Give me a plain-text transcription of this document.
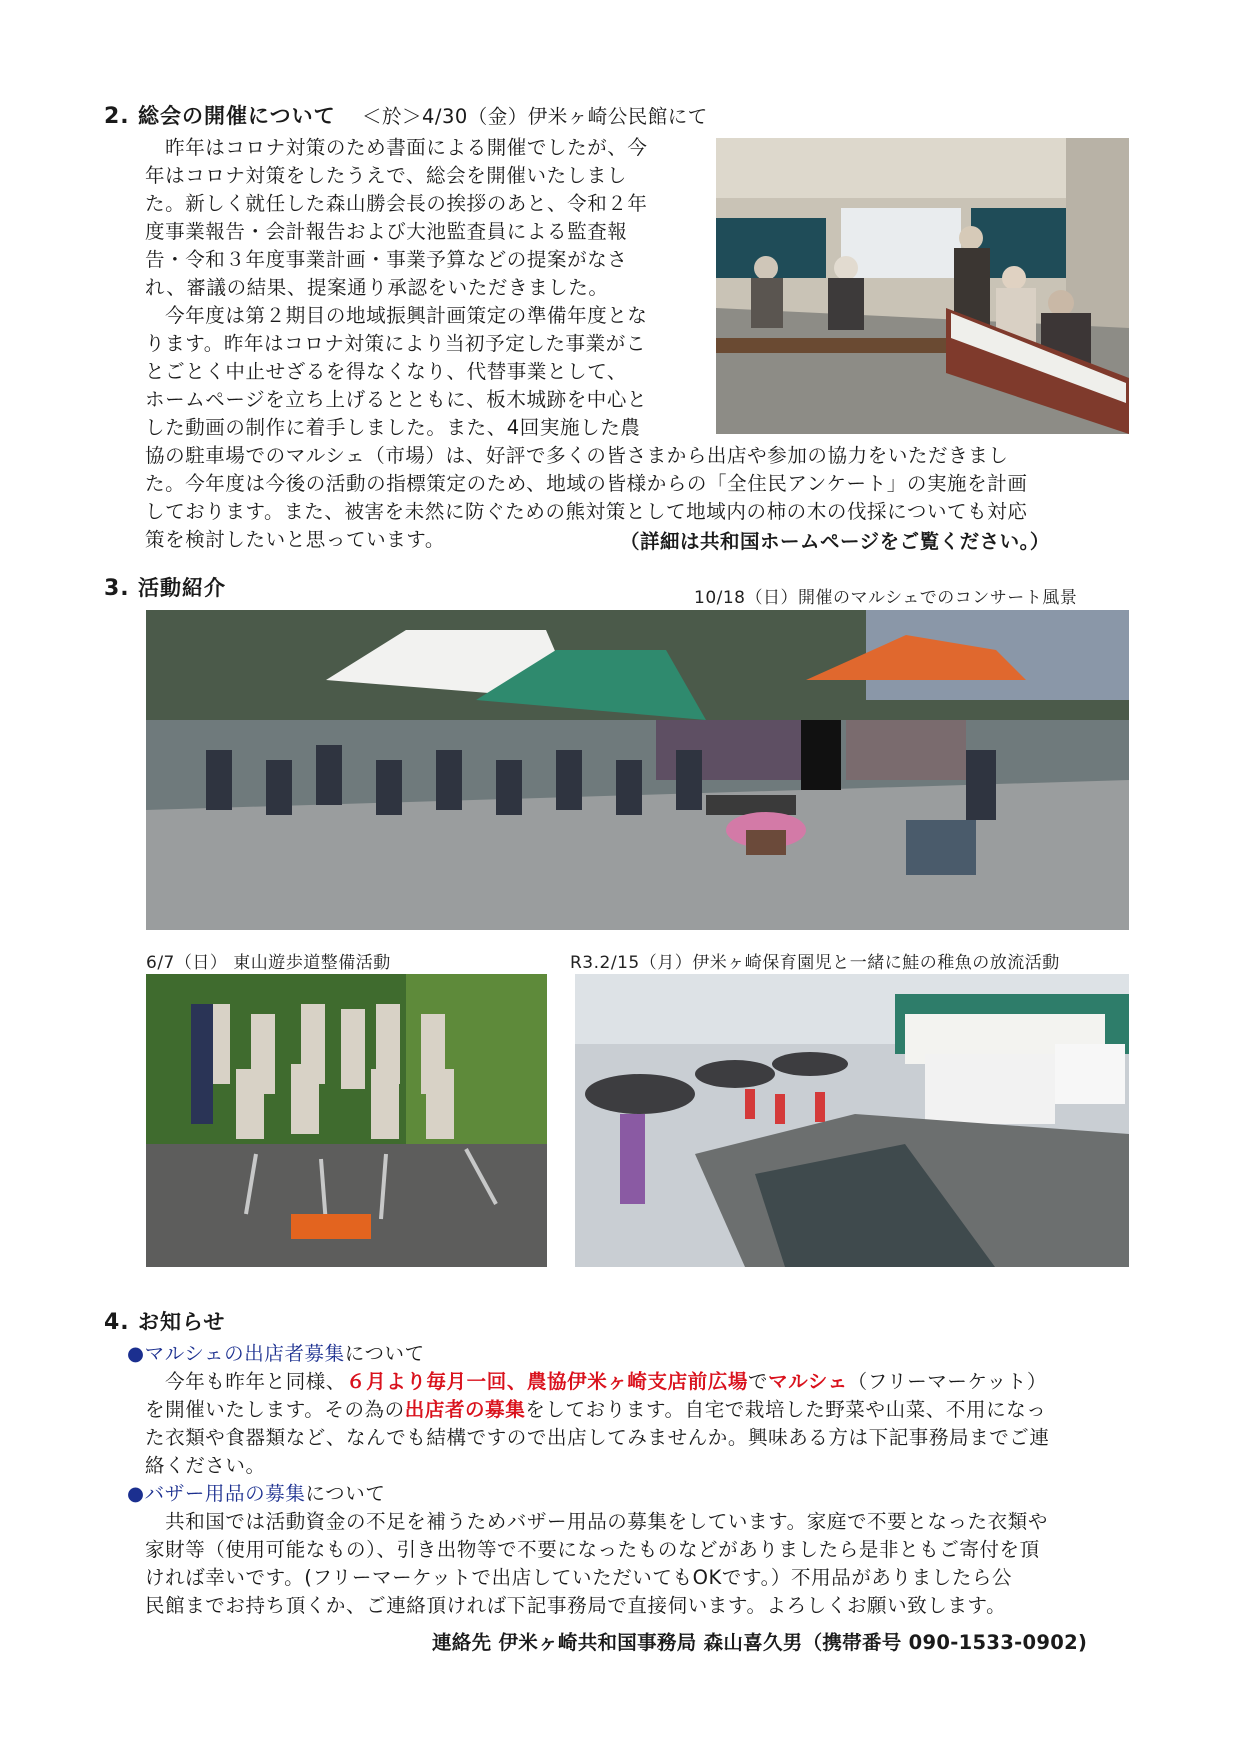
2. 総会の開催について ＜於＞4/30（金）伊米ヶ崎公民館にて

　昨年はコロナ対策のため書面による開催でしたが、今

年はコロナ対策をしたうえで、総会を開催いたしまし

た。新しく就任した森山勝会長の挨拶のあと、令和２年

度事業報告・会計報告および大池監査員による監査報

告・令和３年度事業計画・事業予算などの提案がなさ

れ、審議の結果、提案通り承認をいただきました。

　今年度は第２期目の地域振興計画策定の準備年度とな

ります。昨年はコロナ対策により当初予定した事業がこ

とごとく中止せざるを得なくなり、代替事業として、

ホームページを立ち上げるとともに、板木城跡を中心と

した動画の制作に着手しました。また、4回実施した農

協の駐車場でのマルシェ（市場）は、好評で多くの皆さまから出店や参加の協力をいただきまし

た。今年度は今後の活動の指標策定のため、地域の皆様からの「全住民アンケート」の実施を計画

しております。また、被害を未然に防ぐための熊対策として地域内の柿の木の伐採についても対応

策を検討したいと思っています。	（詳細は共和国ホームページをご覧ください。）
3. 活動紹介	10/18（日）開催のマルシェでのコンサート風景
6/7（日） 東山遊歩道整備活動	R3.2/15（月）伊米ヶ崎保育園児と一緒に鮭の稚魚の放流活動
4. お知らせ

●マルシェの出店者募集について

　今年も昨年と同様、６月より毎月一回、農協伊米ヶ崎支店前広場でマルシェ（フリーマーケット）

を開催いたします。その為の出店者の募集をしております。自宅で栽培した野菜や山菜、不用になっ

た衣類や食器類など、なんでも結構ですので出店してみませんか。興味ある方は下記事務局までご連

絡ください。

●バザー用品の募集について

　共和国では活動資金の不足を補うためバザー用品の募集をしています。家庭で不要となった衣類や

家財等（使用可能なもの）、引き出物等で不要になったものなどがありましたら是非ともご寄付を頂

ければ幸いです。(フリーマーケットで出店していただいてもOKです。）不用品がありましたら公

民館までお持ち頂くか、ご連絡頂ければ下記事務局で直接伺います。よろしくお願い致します。

連絡先 伊米ヶ崎共和国事務局 森山喜久男（携帯番号 090-1533-0902)
